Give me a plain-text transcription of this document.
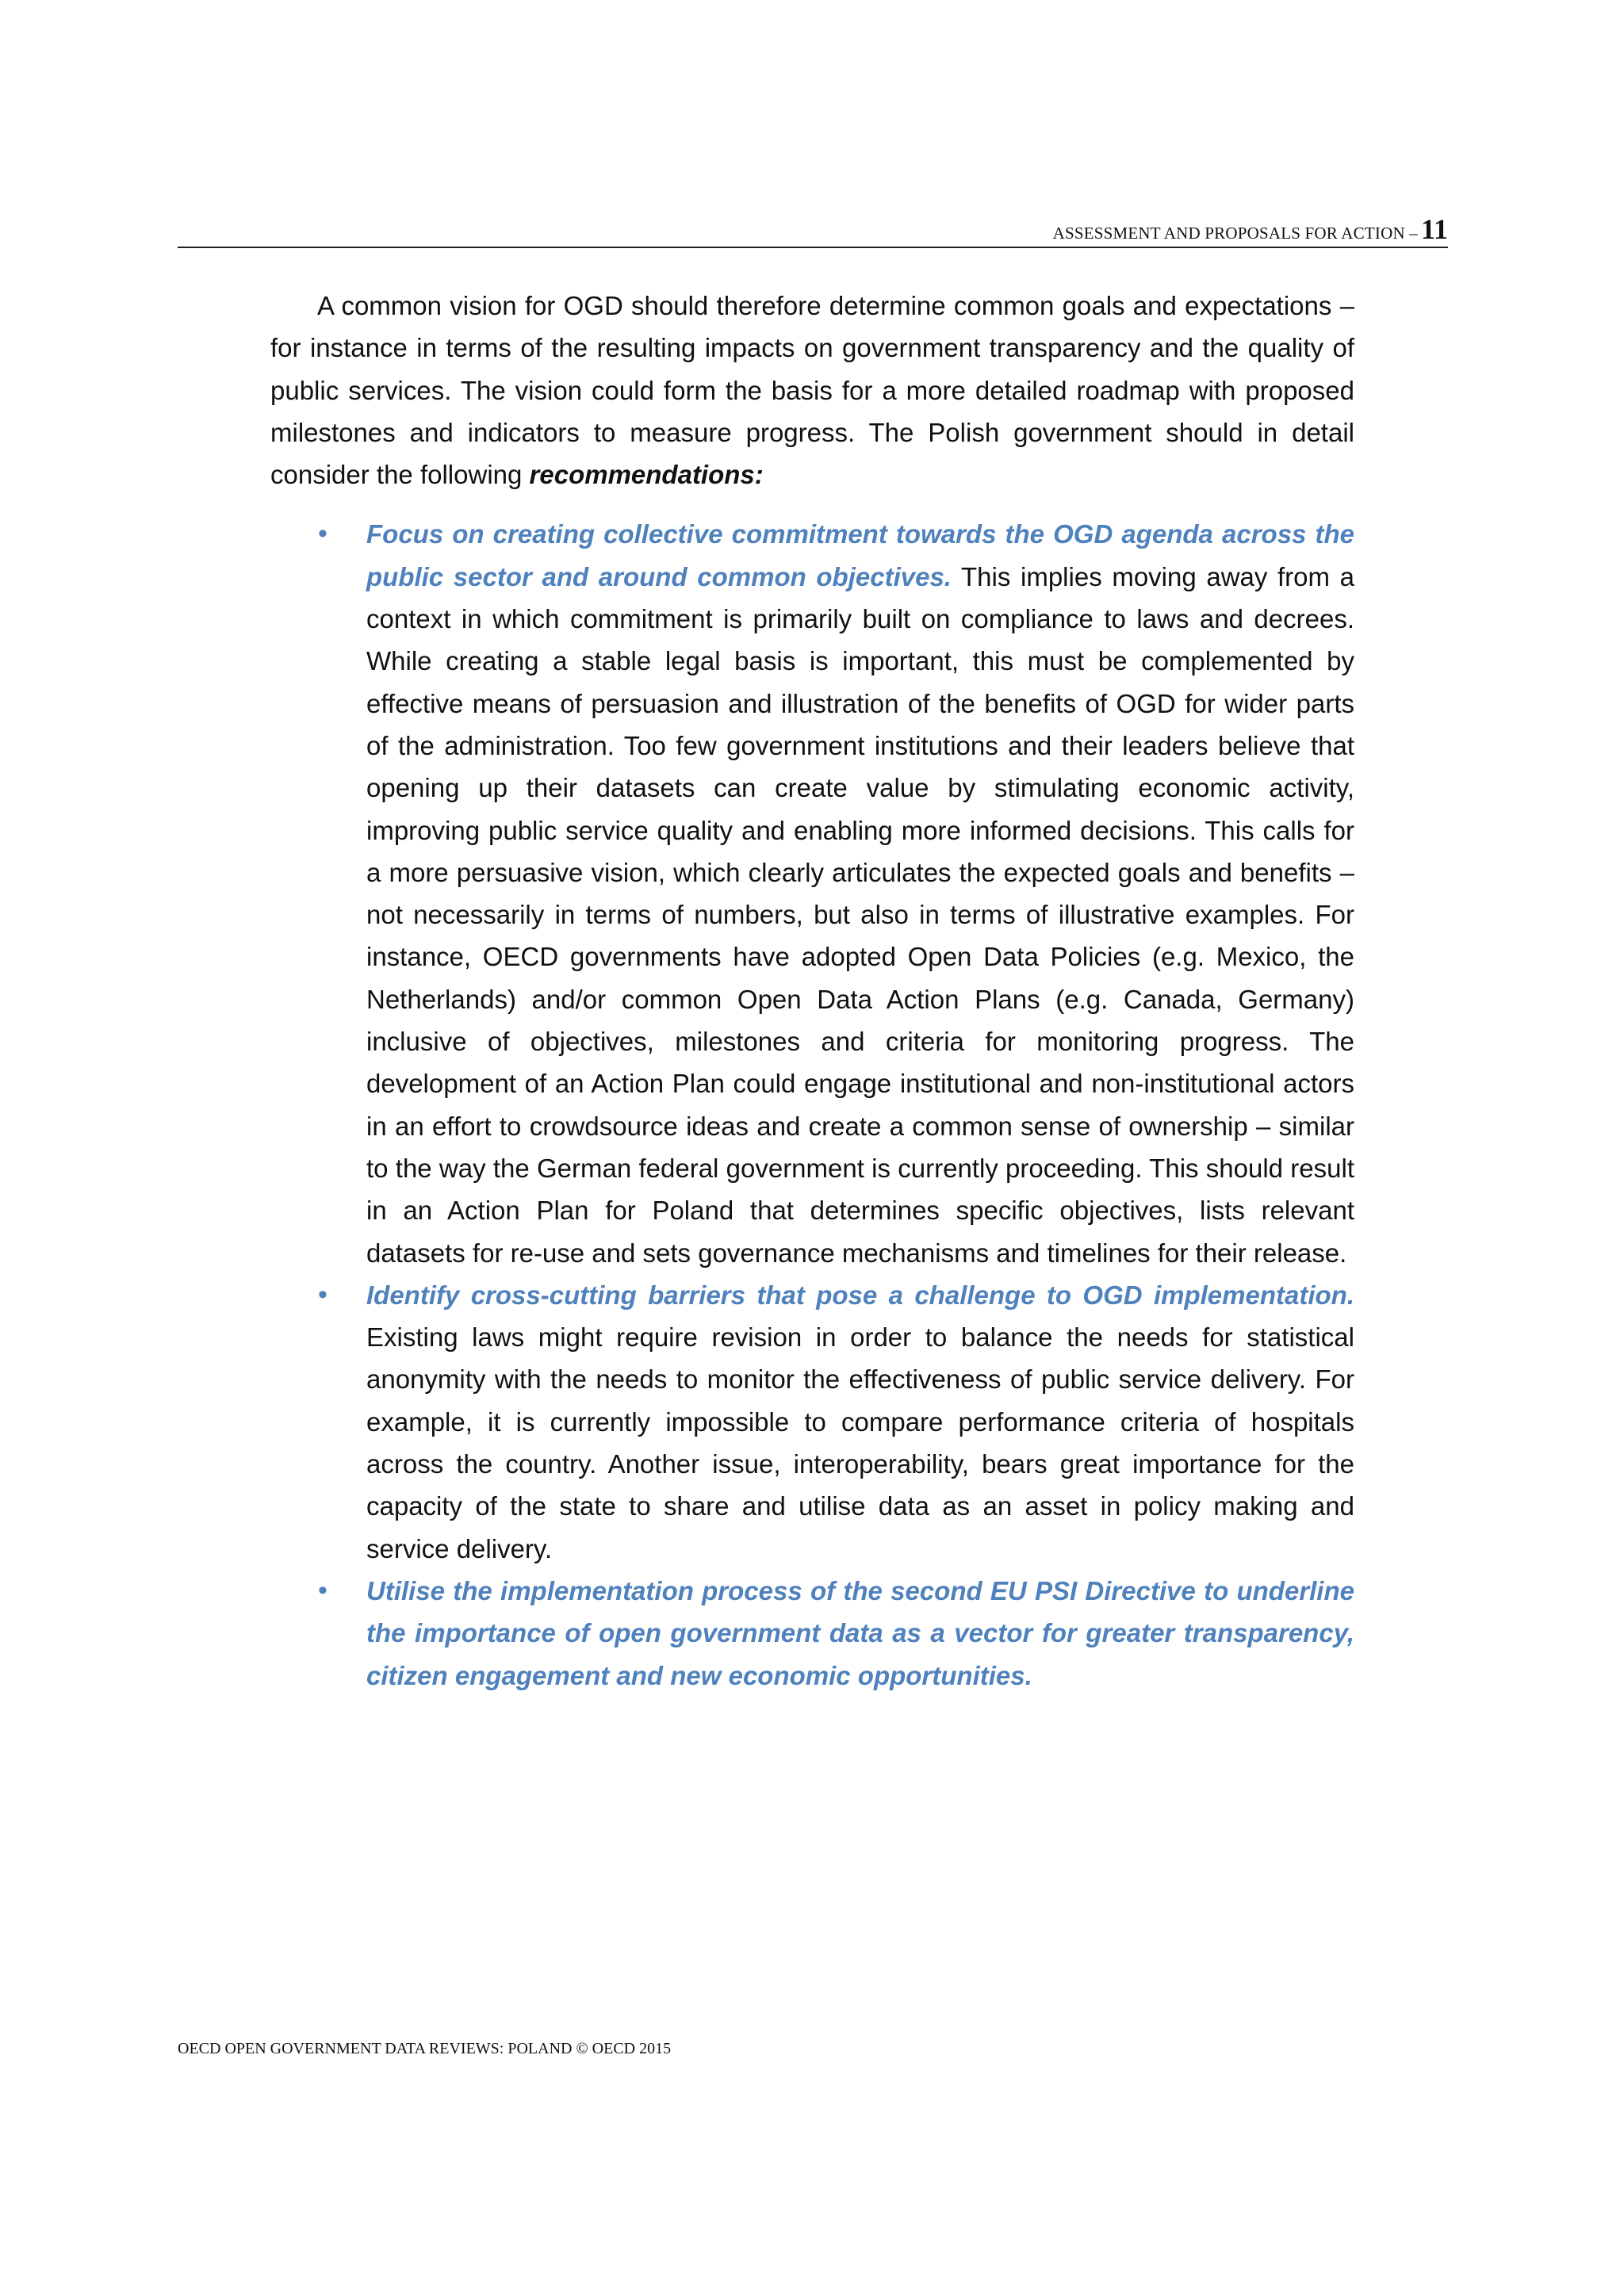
ASSESSMENT AND PROPOSALS FOR ACTION – 11

A common vision for OGD should therefore determine common goals and expectations – for instance in terms of the resulting impacts on government transparency and the quality of public services. The vision could form the basis for a more detailed roadmap with proposed milestones and indicators to measure progress. The Polish government should in detail consider the following recommendations:

• Focus on creating collective commitment towards the OGD agenda across the public sector and around common objectives. This implies moving away from a context in which commitment is primarily built on compliance to laws and decrees. While creating a stable legal basis is important, this must be complemented by effective means of persuasion and illustration of the benefits of OGD for wider parts of the administration. Too few government institutions and their leaders believe that opening up their datasets can create value by stimulating economic activity, improving public service quality and enabling more informed decisions. This calls for a more persuasive vision, which clearly articulates the expected goals and benefits – not necessarily in terms of numbers, but also in terms of illustrative examples. For instance, OECD governments have adopted Open Data Policies (e.g. Mexico, the Netherlands) and/or common Open Data Action Plans (e.g. Canada, Germany) inclusive of objectives, milestones and criteria for monitoring progress. The development of an Action Plan could engage institutional and non-institutional actors in an effort to crowdsource ideas and create a common sense of ownership – similar to the way the German federal government is currently proceeding. This should result in an Action Plan for Poland that determines specific objectives, lists relevant datasets for re-use and sets governance mechanisms and timelines for their release.
• Identify cross-cutting barriers that pose a challenge to OGD implementation. Existing laws might require revision in order to balance the needs for statistical anonymity with the needs to monitor the effectiveness of public service delivery. For example, it is currently impossible to compare performance criteria of hospitals across the country. Another issue, interoperability, bears great importance for the capacity of the state to share and utilise data as an asset in policy making and service delivery.
• Utilise the implementation process of the second EU PSI Directive to underline the importance of open government data as a vector for greater transparency, citizen engagement and new economic opportunities.
OECD OPEN GOVERNMENT DATA REVIEWS: POLAND © OECD 2015
